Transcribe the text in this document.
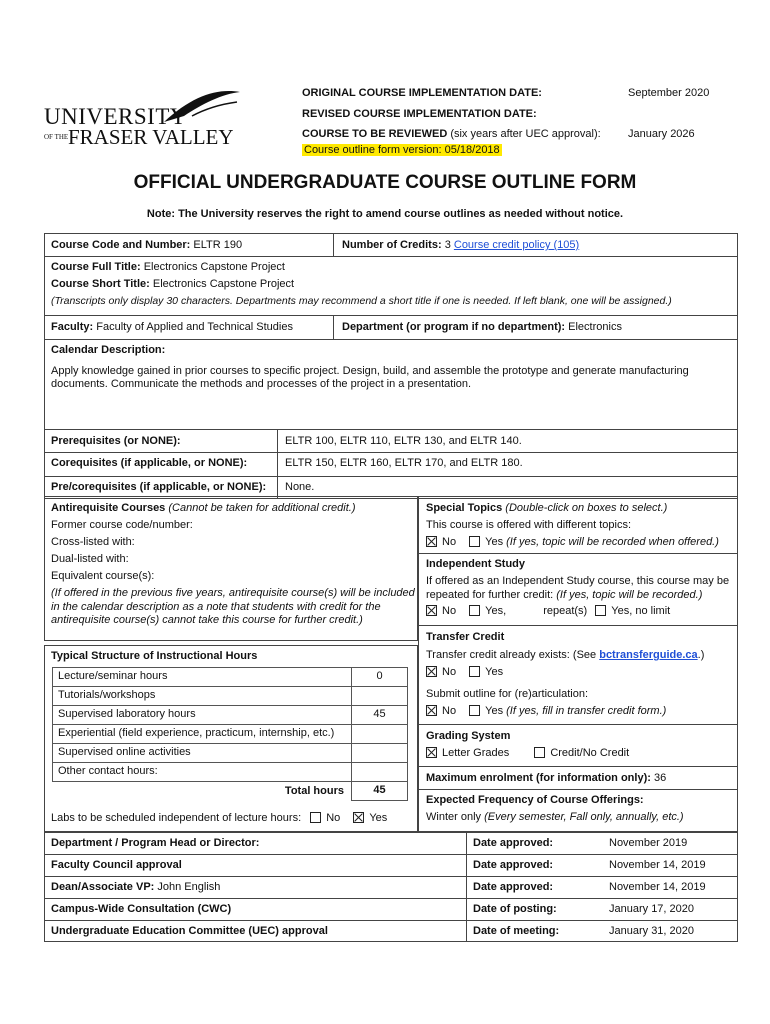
UNIVERSITY
OF THE FRASER VALLEY
ORIGINAL COURSE IMPLEMENTATION DATE:	September 2020
REVISED COURSE IMPLEMENTATION DATE:
COURSE TO BE REVIEWED (six years after UEC approval): January 2026
Course outline form version: 05/18/2018
OFFICIAL UNDERGRADUATE COURSE OUTLINE FORM
Note: The University reserves the right to amend course outlines as needed without notice.
Course Code and Number: ELTR 190	Number of Credits: 3 Course credit policy (105)
Course Full Title: Electronics Capstone Project
Course Short Title: Electronics Capstone Project
(Transcripts only display 30 characters. Departments may recommend a short title if one is needed. If left blank, one will be assigned.)
Faculty: Faculty of Applied and Technical Studies	Department (or program if no department): Electronics
Calendar Description:
Apply knowledge gained in prior courses to specific project. Design, build, and assemble the prototype and generate manufacturing documents. Communicate the methods and processes of the project in a presentation.
Prerequisites (or NONE):	ELTR 100, ELTR 110, ELTR 130, and ELTR 140.
Corequisites (if applicable, or NONE):	ELTR 150, ELTR 160, ELTR 170, and ELTR 180.
Pre/corequisites (if applicable, or NONE): None.
Antirequisite Courses (Cannot be taken for additional credit.)
Former course code/number:
Cross-listed with:
Dual-listed with:
Equivalent course(s):
(If offered in the previous five years, antirequisite course(s) will be included in the calendar description as a note that students with credit for the antirequisite course(s) cannot take this course for further credit.)
Typical Structure of Instructional Hours
Lecture/seminar hours	0
Tutorials/workshops
Supervised laboratory hours	45
Experiential (field experience, practicum, internship, etc.)
Supervised online activities
Other contact hours:
Total hours	45
Labs to be scheduled independent of lecture hours: No	Yes
Special Topics (Double-click on boxes to select.)
This course is offered with different topics:
No	Yes (If yes, topic will be recorded when offered.)
Independent Study
If offered as an Independent Study course, this course may be repeated for further credit: (If yes, topic will be recorded.)
No	Yes,	repeat(s) Yes, no limit
Transfer Credit
Transfer credit already exists: (See bctransferguide.ca.)
No	Yes
Submit outline for (re)articulation:
No	Yes (If yes, fill in transfer credit form.)
Grading System
Letter Grades	Credit/No Credit
Maximum enrolment (for information only): 36
Expected Frequency of Course Offerings:
Winter only (Every semester, Fall only, annually, etc.)
Department / Program Head or Director:	Date approved:	November 2019
Faculty Council approval	Date approved:	November 14, 2019
Dean/Associate VP: John English	Date approved:	November 14, 2019
Campus-Wide Consultation (CWC)	Date of posting:	January 17, 2020
Undergraduate Education Committee (UEC) approval	Date of meeting:	January 31, 2020
